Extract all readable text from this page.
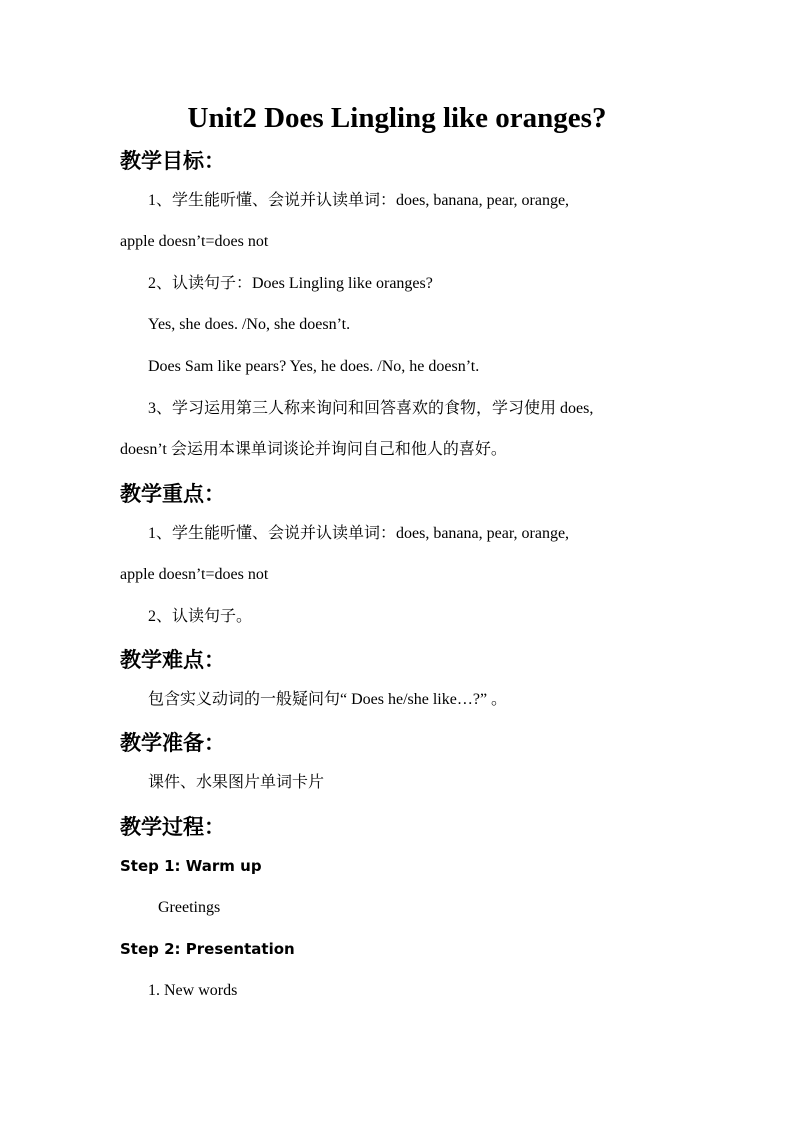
Unit2 Does Lingling like oranges?
教学目标：
1、学生能听懂、会说并认读单词：does, banana, pear, orange,
apple doesn’t=does not
2、认读句子：Does Lingling like oranges?
Yes, she does. /No, she doesn’t.
Does Sam like pears? Yes, he does. /No, he doesn’t.
3、学习运用第三人称来询问和回答喜欢的食物，学习使用 does,
doesn’t 会运用本课单词谈论并询问自己和他人的喜好。
教学重点：
1、学生能听懂、会说并认读单词：does, banana, pear, orange,
apple doesn’t=does not
2、认读句子。
教学难点：
包含实义动词的一般疑问句“ Does he/she like…?” 。
教学准备：
课件、水果图片单词卡片
教学过程：
Step 1: Warm up
Greetings
Step 2: Presentation
1. New words
